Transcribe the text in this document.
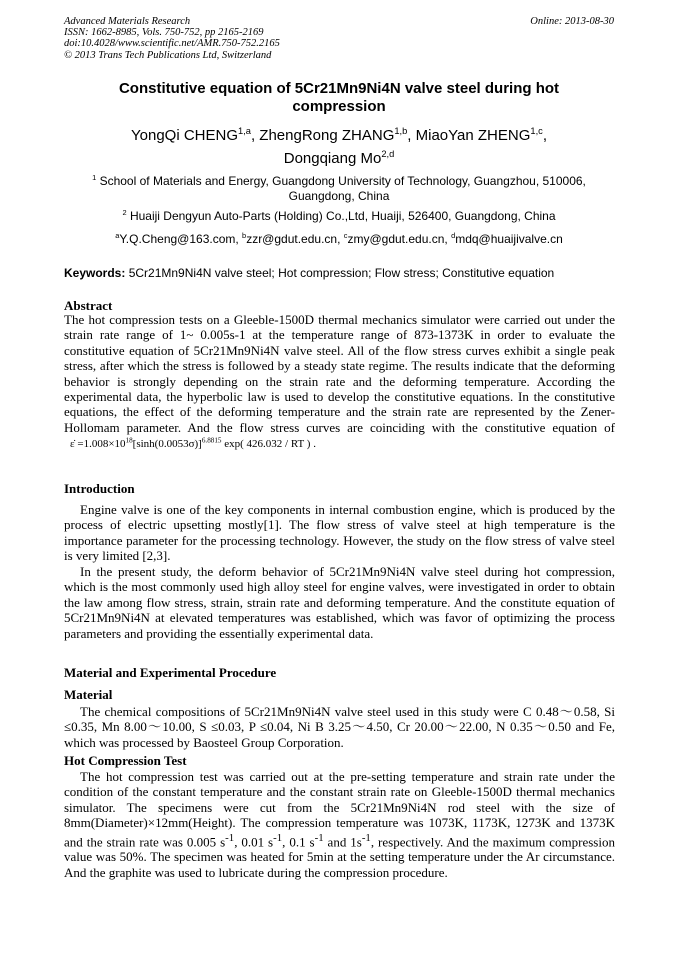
Advanced Materials Research
ISSN: 1662-8985, Vols. 750-752, pp 2165-2169
doi:10.4028/www.scientific.net/AMR.750-752.2165
© 2013 Trans Tech Publications Ltd, Switzerland
Online: 2013-08-30
Constitutive equation of 5Cr21Mn9Ni4N valve steel during hot
compression
YongQi CHENG$^{1,a}$, ZhengRong ZHANG$^{1,b}$, MiaoYan ZHENG$^{1,c}$,
Dongqiang Mo$^{2,d}$
$^1$ School of Materials and Energy, Guangdong University of Technology, Guangzhou, 510006, Guangdong, China
$^2$ Huaiji Dengyun Auto-Parts (Holding) Co.,Ltd, Huaiji, 526400, Guangdong, China
$^a$Y.Q.Cheng@163.com, $^b$zzr@gdut.edu.cn, $^c$zmy@gdut.edu.cn, $^d$mdq@huaijivalve.cn
Keywords: 5Cr21Mn9Ni4N valve steel; Hot compression; Flow stress; Constitutive equation
Abstract

The hot compression tests on a Gleeble-1500D thermal mechanics simulator were carried out under the strain rate range of 1~ 0.005s-1 at the temperature range of 873-1373K in order to evaluate the constitutive equation of 5Cr21Mn9Ni4N valve steel. All of the flow stress curves exhibit a single peak stress, after which the stress is followed by a steady state regime. The results indicate that the deforming behavior is strongly depending on the strain rate and the deforming temperature. According the experimental data, the hyperbolic law is used to develop the constitutive equations. In the constitutive equations, the effect of the deforming temperature and the strain rate are represented by the Zener-Hollomam parameter. And the flow stress curves are coinciding with the constitutive equation of ε̇ $=1.008\times 10^{18}[\sinh(0.0053\sigma)]^{6.8815}$ exp( 426.032 / RT ) .

Introduction

Engine valve is one of the key components in internal combustion engine, which is produced by the process of electric upsetting mostly[1]. The flow stress of valve steel at high temperature is the importance parameter for the processing technology. However, the study on the flow stress of valve steel is very limited [2,3].

In the present study, the deform behavior of 5Cr21Mn9Ni4N valve steel during hot compression, which is the most commonly used high alloy steel for engine valves, were investigated in order to obtain the law among flow stress, strain, strain rate and deforming temperature. And the constitute equation of 5Cr21Mn9Ni4N at elevated temperatures was established, which was favor of optimizing the process parameters and providing the essentially experimental data.

Material and Experimental Procedure
Material

The chemical compositions of 5Cr21Mn9Ni4N valve steel used in this study were C 0.48～0.58, Si ≤0.35, Mn 8.00～10.00, S ≤0.03, P ≤0.04, Ni B 3.25～4.50, Cr 20.00～22.00, N 0.35～0.50 and Fe, which was processed by Baosteel Group Corporation.

Hot Compression Test

The hot compression test was carried out at the pre-setting temperature and strain rate under the condition of the constant temperature and the constant strain rate on Gleeble-1500D thermal mechanics simulator. The specimens were cut from the 5Cr21Mn9Ni4N rod steel with the size of 8mm(Diameter)×12mm(Height). The compression temperature was 1073K, 1173K, 1273K and 1373K and the strain rate was 0.005 $s^{-1}$, 0.01 $s^{-1}$, 0.1 $s^{-1}$ and $1s^{-1}$, respectively. And the maximum compression value was 50%. The specimen was heated for 5min at the setting temperature under the Ar circumstance. And the graphite was used to lubricate during the compression procedure.
